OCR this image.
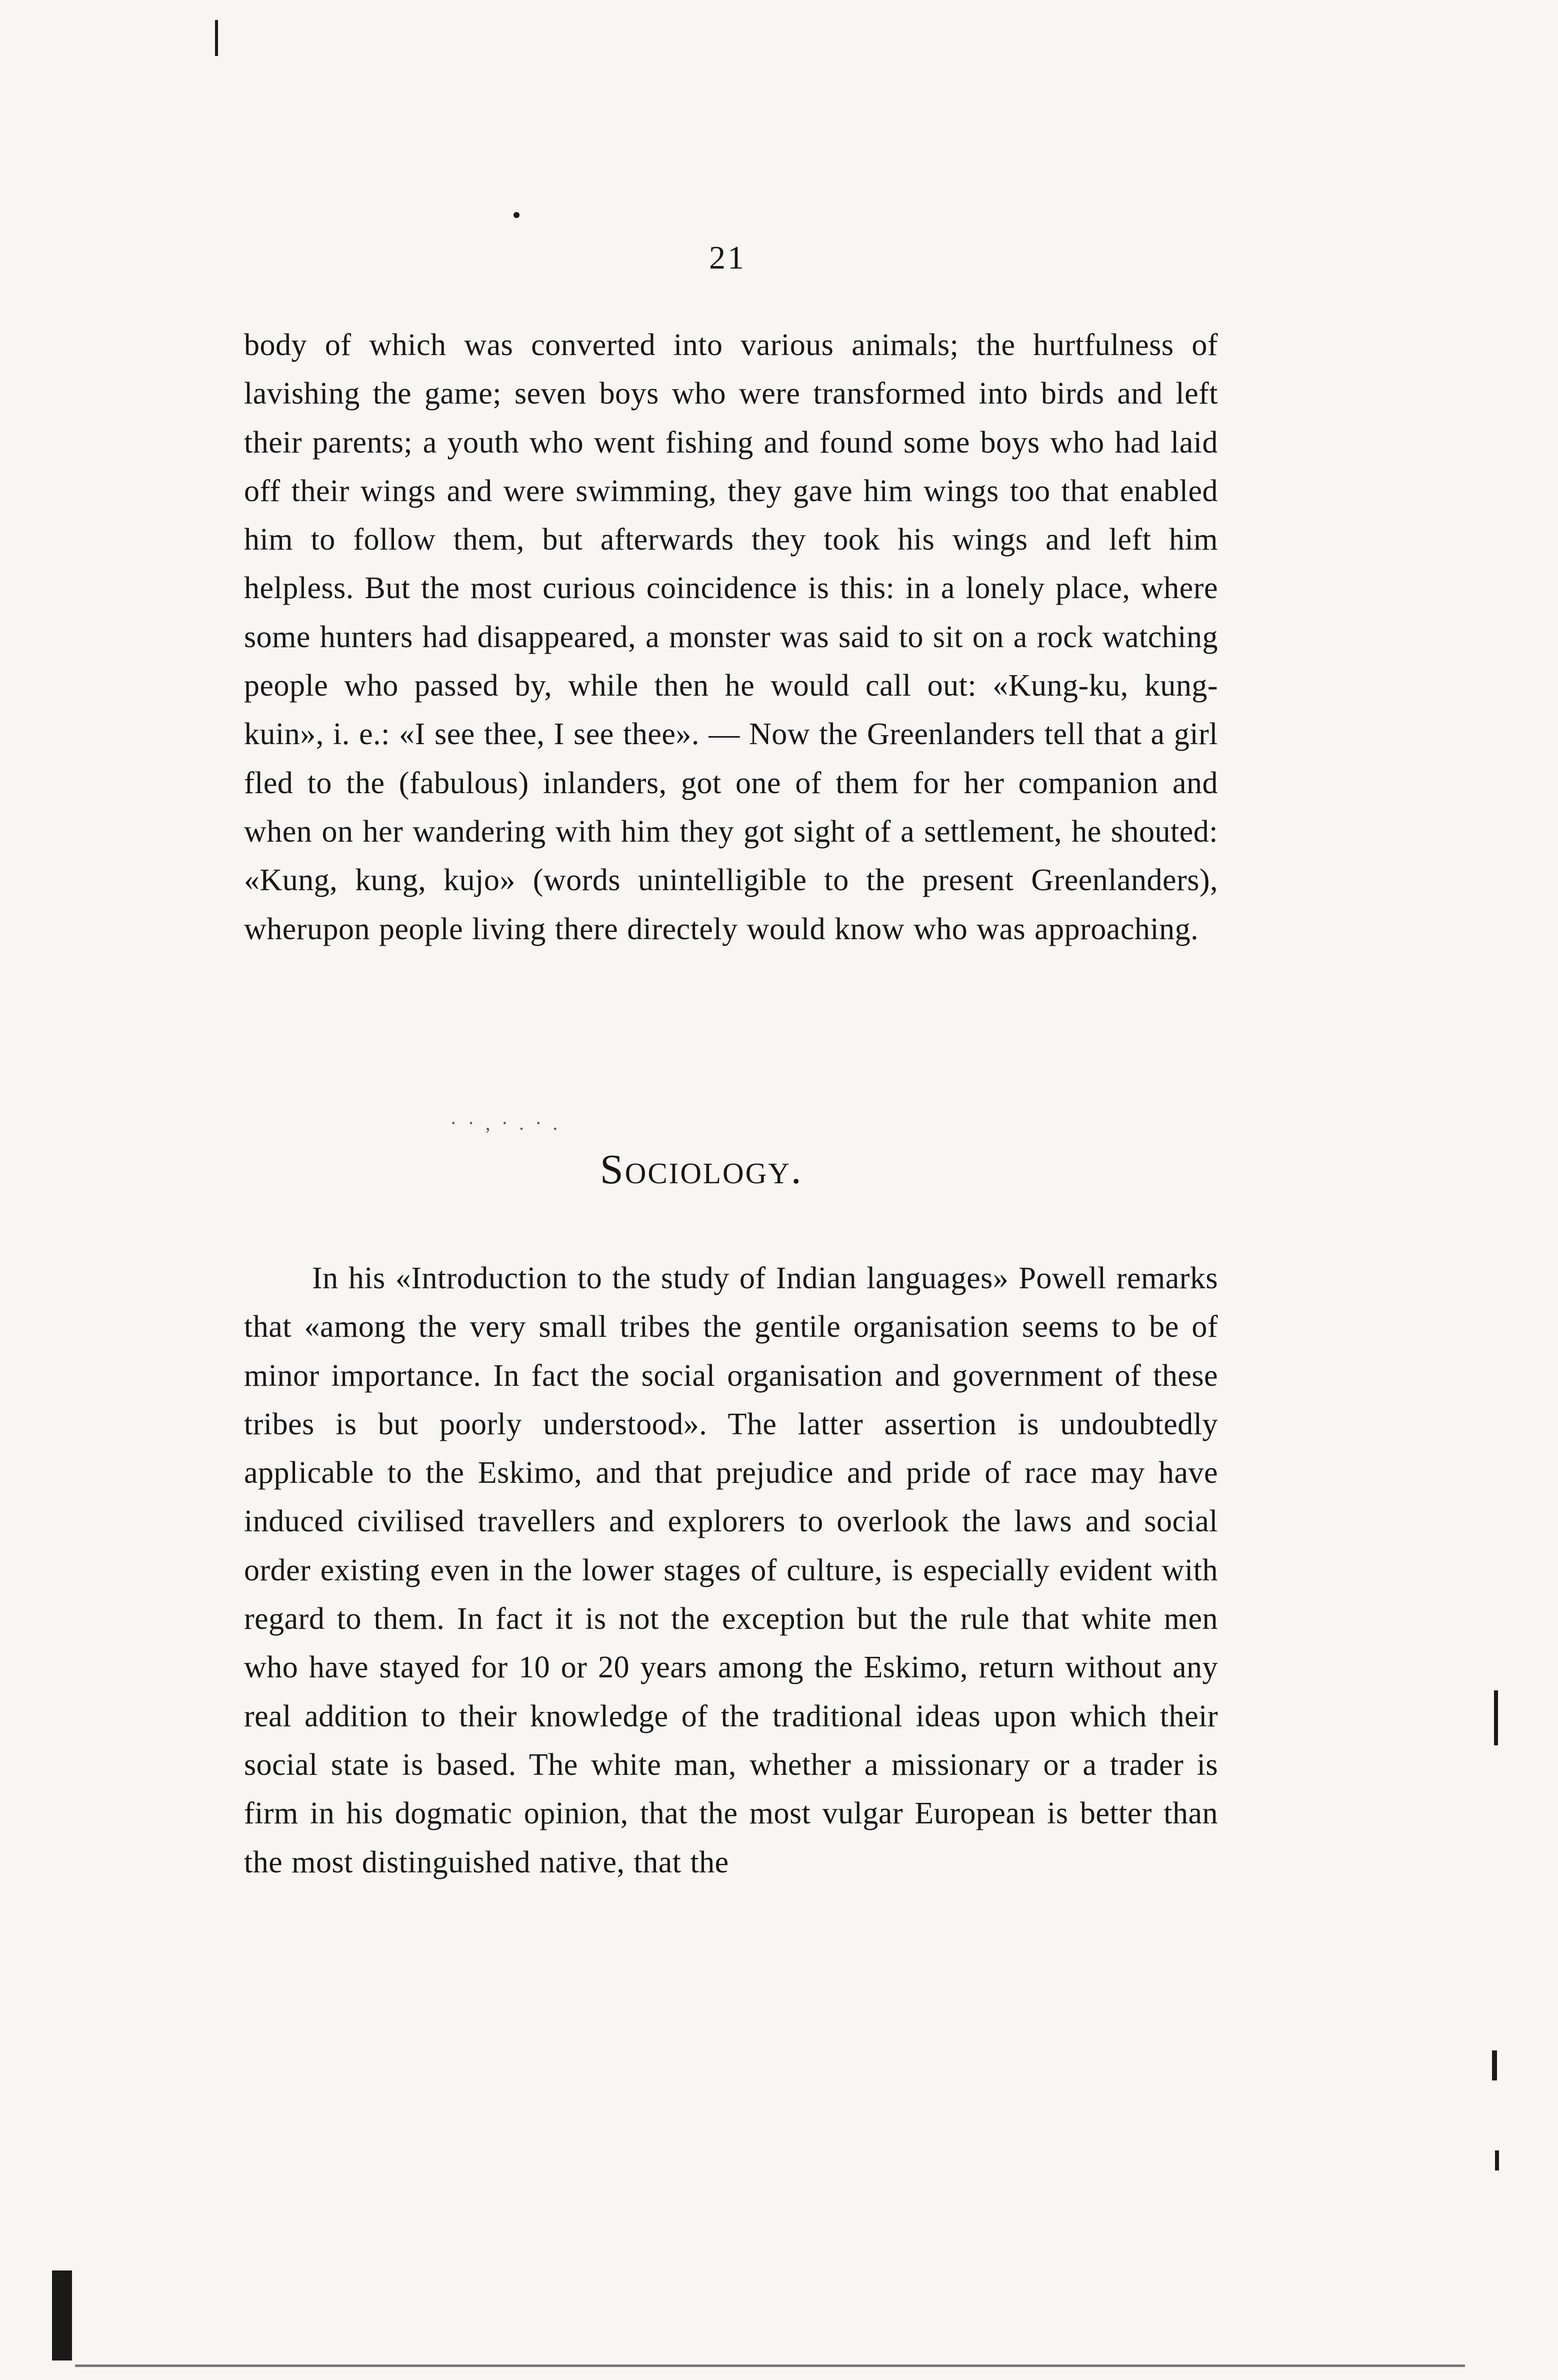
21

body of which was converted into various animals; the hurtfulness of lavishing the game; seven boys who were transformed into birds and left their parents; a youth who went fishing and found some boys who had laid off their wings and were swimming, they gave him wings too that enabled him to follow them, but afterwards they took his wings and left him helpless. But the most curious coincidence is this: in a lonely place, where some hunters had disappeared, a monster was said to sit on a rock watching people who passed by, while then he would call out: «Kung-ku, kung-kuin», i. e.: «I see thee, I see thee». — Now the Greenlanders tell that a girl fled to the (fabulous) inlanders, got one of them for her companion and when on her wandering with him they got sight of a settlement, he shouted: «Kung, kung, kujo» (words unintelligible to the present Greenlanders), wherupon people living there directely would know who was approaching.

· · , · . · .
Sociology.

In his «Introduction to the study of Indian languages» Powell remarks that «among the very small tribes the gentile organisation seems to be of minor importance. In fact the social organisation and government of these tribes is but poorly understood». The latter assertion is undoubtedly applicable to the Eskimo, and that prejudice and pride of race may have induced civilised travellers and explorers to overlook the laws and social order existing even in the lower stages of culture, is especially evident with regard to them. In fact it is not the exception but the rule that white men who have stayed for 10 or 20 years among the Eskimo, return without any real addition to their knowledge of the traditional ideas upon which their social state is based. The white man, whether a missionary or a trader is firm in his dogmatic opinion, that the most vulgar European is better than the most distinguished native, that the
